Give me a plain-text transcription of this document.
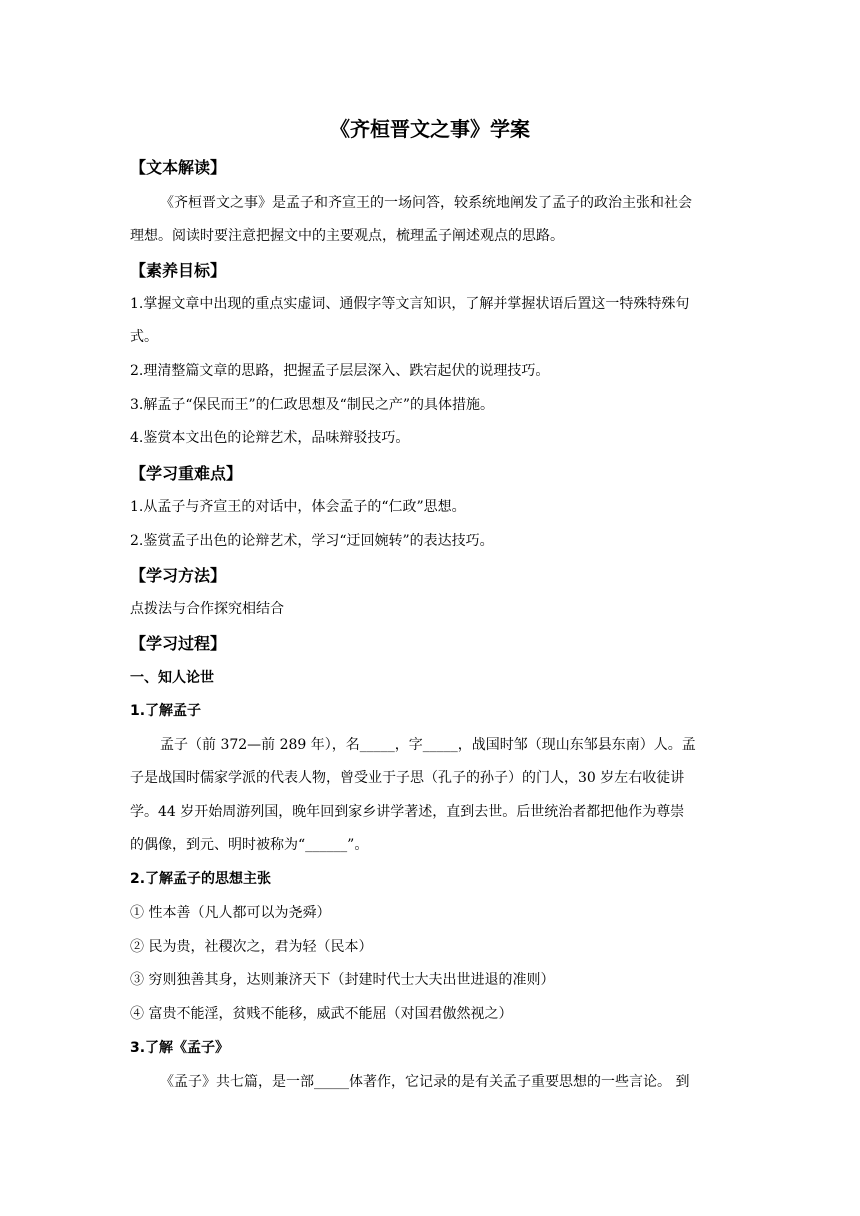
《齐桓晋文之事》学案

【文本解读】

《齐桓晋文之事》是孟子和齐宣王的一场问答，较系统地阐发了孟子的政治主张和社会

理想。阅读时要注意把握文中的主要观点，梳理孟子阐述观点的思路。

【素养目标】

1.掌握文章中出现的重点实虚词、通假字等文言知识，了解并掌握状语后置这一特殊特殊句

式。

2.理清整篇文章的思路，把握孟子层层深入、跌宕起伏的说理技巧。

3.解孟子“保民而王”的仁政思想及“制民之产”的具体措施。

4.鉴赏本文出色的论辩艺术，品味辩驳技巧。

【学习重难点】

1.从孟子与齐宣王的对话中，体会孟子的“仁政”思想。

2.鉴赏孟子出色的论辩艺术，学习“迂回婉转”的表达技巧。

【学习方法】

点拨法与合作探究相结合

【学习过程】

一、知人论世

1.了解孟子

孟子（前 372—前 289 年），名_____，字_____，战国时邹（现山东邹县东南）人。孟

子是战国时儒家学派的代表人物，曾受业于子思（孔子的孙子）的门人，30 岁左右收徒讲

学。44 岁开始周游列国，晚年回到家乡讲学著述，直到去世。后世统治者都把他作为尊崇

的偶像，到元、明时被称为“______”。

2.了解孟子的思想主张

① 性本善（凡人都可以为尧舜）

② 民为贵，社稷次之，君为轻（民本）

③ 穷则独善其身，达则兼济天下（封建时代士大夫出世进退的准则）

④ 富贵不能淫，贫贱不能移，威武不能屈（对国君傲然视之）

3.了解《孟子》

《孟子》共七篇，是一部_____体著作，它记录的是有关孟子重要思想的一些言论。 到
